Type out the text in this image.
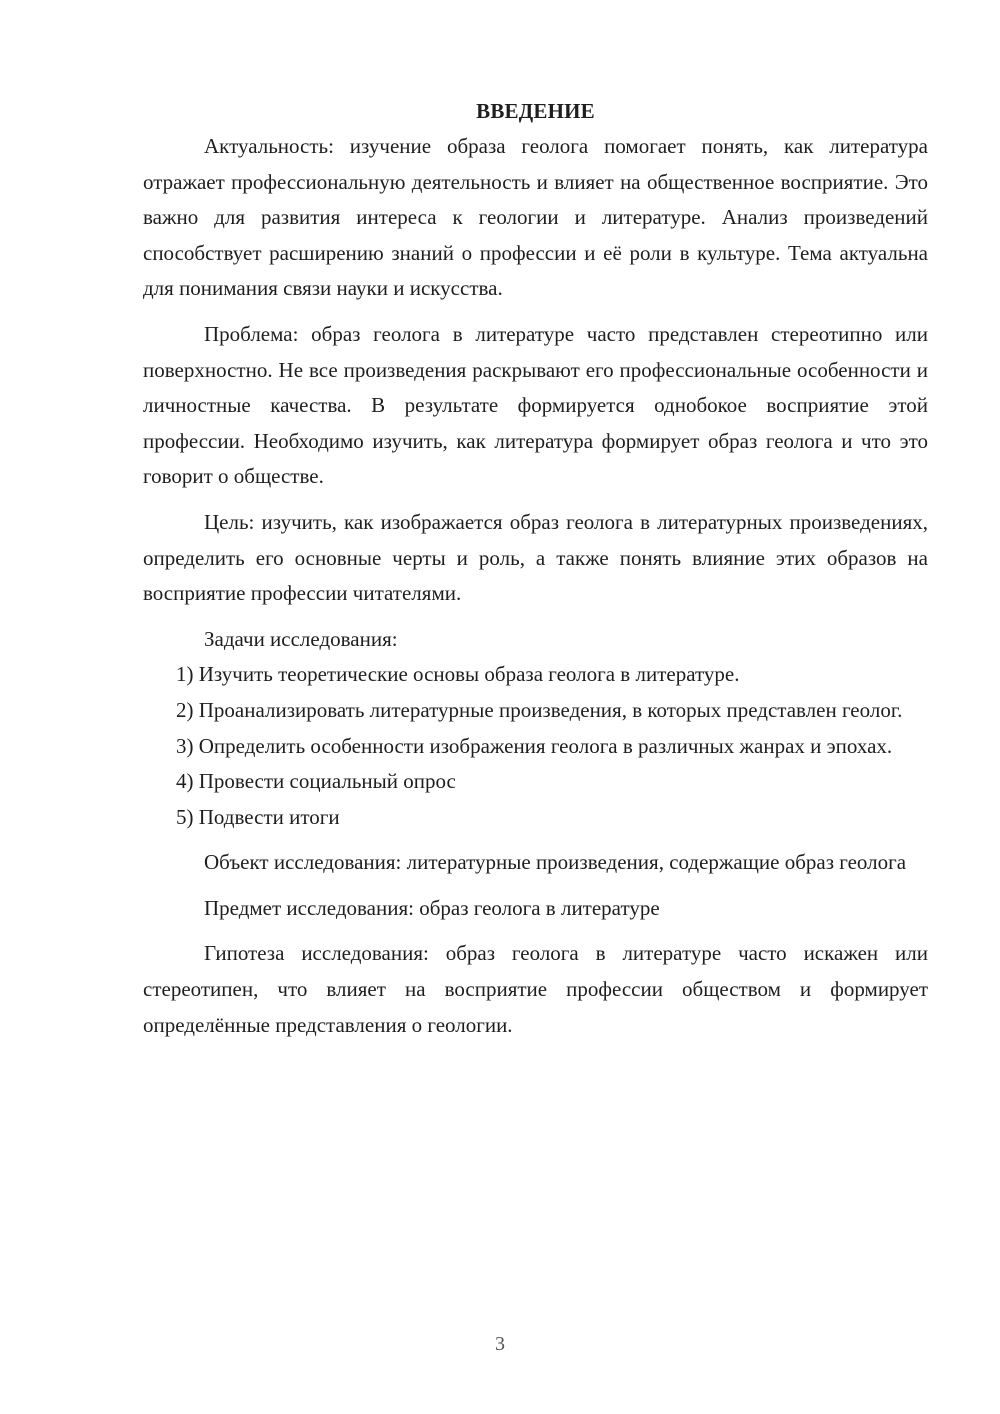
ВВЕДЕНИЕ

Актуальность: изучение образа геолога помогает понять, как литература отражает профессиональную деятельность и влияет на общественное восприятие. Это важно для развития интереса к геологии и литературе. Анализ произведений способствует расширению знаний о профессии и её роли в культуре. Тема актуальна для понимания связи науки и искусства.

Проблема: образ геолога в литературе часто представлен стереотипно или поверхностно. Не все произведения раскрывают его профессиональные особенности и личностные качества. В результате формируется однобокое восприятие этой профессии. Необходимо изучить, как литература формирует образ геолога и что это говорит о обществе.

Цель: изучить, как изображается образ геолога в литературных произведениях, определить его основные черты и роль, а также понять влияние этих образов на восприятие профессии читателями.

Задачи исследования:

1) Изучить теоретические основы образа геолога в литературе.

2) Проанализировать литературные произведения, в которых представлен геолог.

3) Определить особенности изображения геолога в различных жанрах и эпохах.

4) Провести социальный опрос

5) Подвести итоги

Объект исследования: литературные произведения, содержащие образ геолога

Предмет исследования: образ геолога в литературе

Гипотеза исследования: образ геолога в литературе часто искажен или стереотипен, что влияет на восприятие профессии обществом и формирует определённые представления о геологии.

3
